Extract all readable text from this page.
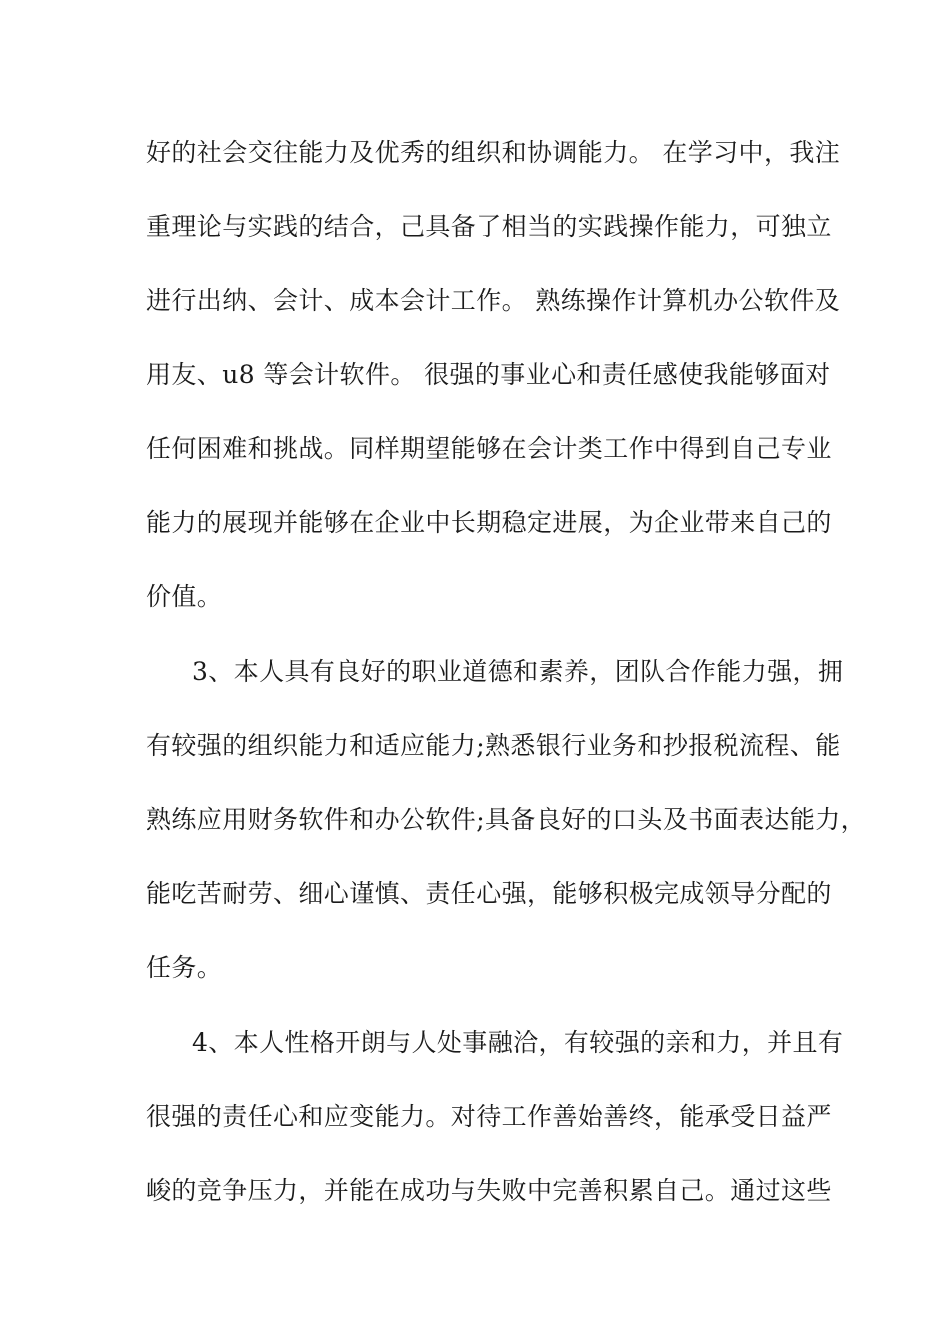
好的社会交往能力及优秀的组织和协调能力。 在学习中，我注
重理论与实践的结合，己具备了相当的实践操作能力，可独立
进行出纳、会计、成本会计工作。 熟练操作计算机办公软件及
用友、u8 等会计软件。 很强的事业心和责任感使我能够面对
任何困难和挑战。同样期望能够在会计类工作中得到自己专业
能力的展现并能够在企业中长期稳定进展，为企业带来自己的
价值。
3、本人具有良好的职业道德和素养，团队合作能力强，拥
有较强的组织能力和适应能力;熟悉银行业务和抄报税流程、能
熟练应用财务软件和办公软件;具备良好的口头及书面表达能力，
能吃苦耐劳、细心谨慎、责任心强，能够积极完成领导分配的
任务。
4、本人性格开朗与人处事融洽，有较强的亲和力，并且有
很强的责任心和应变能力。对待工作善始善终，能承受日益严
峻的竞争压力，并能在成功与失败中完善积累自己。通过这些
